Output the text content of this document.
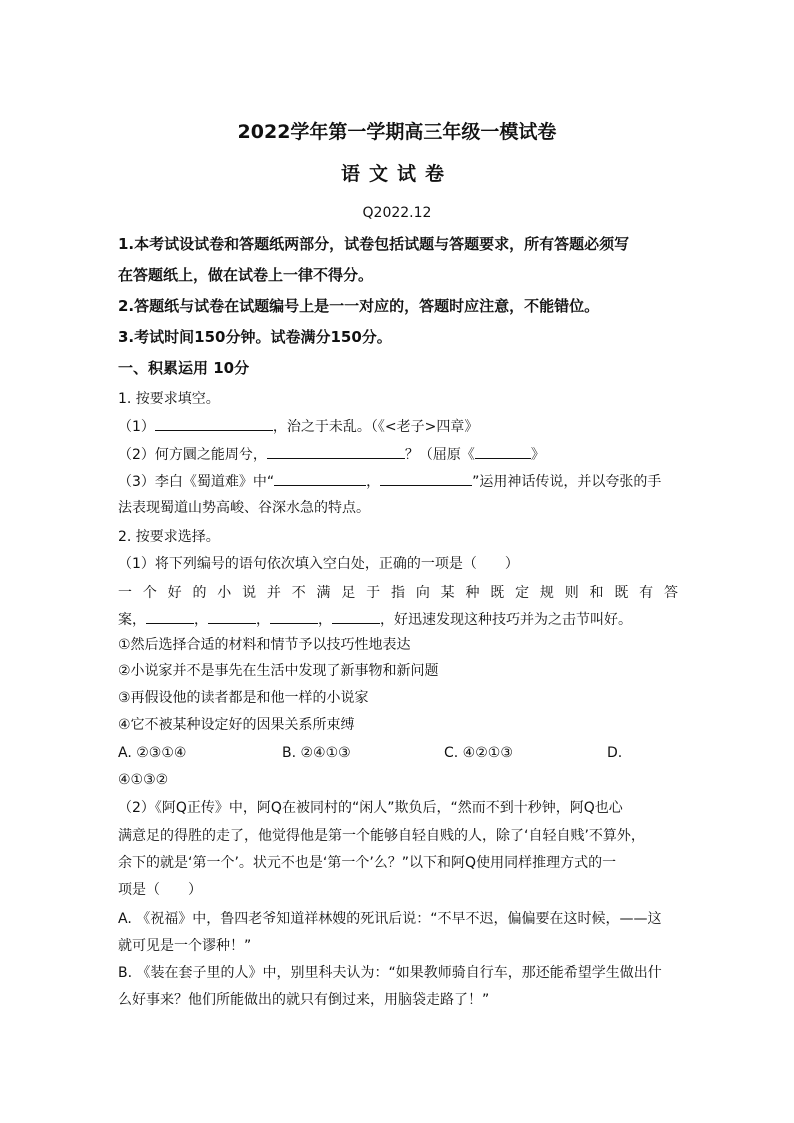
2022学年第一学期高三年级一模试卷
语文试卷
Q2022.12
1.本考试设试卷和答题纸两部分，试卷包括试题与答题要求，所有答题必须写
在答题纸上，做在试卷上一律不得分。
2.答题纸与试卷在试题编号上是一一对应的，答题时应注意，不能错位。
3.考试时间150分钟。试卷满分150分。
一、积累运用 10分
1. 按要求填空。
（1）	，治之于未乱。（《<老子>四章》
（2）何方圜之能周兮，	？（屈原《	》
（3）李白《蜀道难》中“	，	”运用神话传说，并以夸张的手
法表现蜀道山势高峻、谷深水急的特点。
2. 按要求选择。
（1）将下列编号的语句依次填入空白处，正确的一项是（　　）
一个好的小说并不满足于指向某种既定规则和既有答
案，	，	，	，	，好迅速发现这种技巧并为之击节叫好。
①然后选择合适的材料和情节予以技巧性地表达
②小说家并不是事先在生活中发现了新事物和新问题
③再假设他的读者都是和他一样的小说家
④它不被某种设定好的因果关系所束缚
A. ②③①④	B. ②④①③	C. ④②①③	D.
④①③②
（2）《阿Q正传》中，阿Q在被同村的“闲人”欺负后，“然而不到十秒钟，阿Q也心
满意足的得胜的走了，他觉得他是第一个能够自轻自贱的人，除了‘自轻自贱’不算外，
余下的就是‘第一个’。状元不也是‘第一个’么？”以下和阿Q使用同样推理方式的一
项是（　　）
A. 《祝福》中，鲁四老爷知道祥林嫂的死讯后说：“不早不迟，偏偏要在这时候，——这
就可见是一个谬种！”
B. 《装在套子里的人》中，别里科夫认为：“如果教师骑自行车，那还能希望学生做出什
么好事来？他们所能做出的就只有倒过来，用脑袋走路了！”
